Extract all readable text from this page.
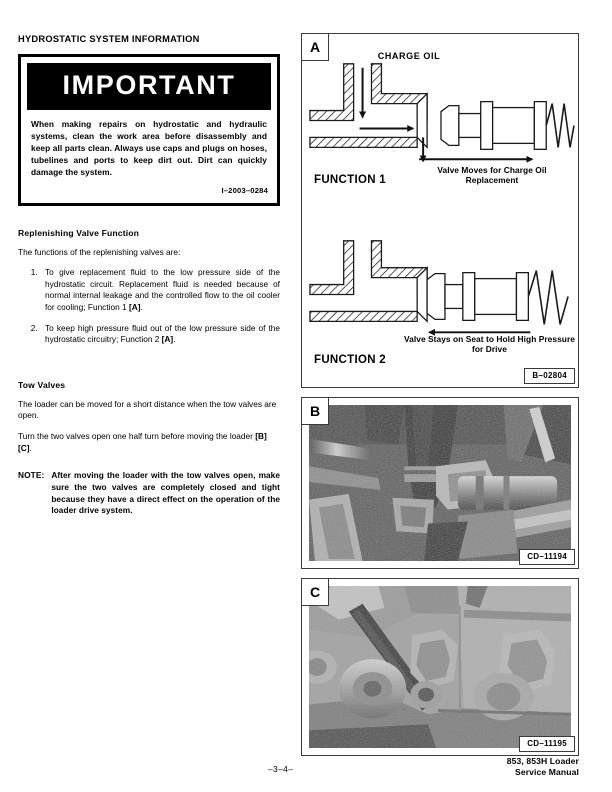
HYDROSTATIC SYSTEM INFORMATION
IMPORTANT
When making repairs on hydrostatic and hydraulic systems, clean the work area before disassembly and keep all parts clean. Always use caps and plugs on hoses, tubelines and ports to keep dirt out. Dirt can quickly damage the system.
I–2003–0284
Replenishing Valve Function
The functions of the replenishing valves are:
1. To give replacement fluid to the low pressure side of the hydrostatic circuit. Replacement fluid is needed because of normal internal leakage and the controlled flow to the oil cooler for cooling; Function 1 [A].
2. To keep high pressure fluid out of the low pressure side of the hydrostatic circuitry; Function 2 [A].
Tow Valves
The loader can be moved for a short distance when the tow valves are open.
Turn the two valves open one half turn before moving the loader [B] [C].
NOTE: After moving the loader with the tow valves open, make sure the two valves are completely closed and tight because they have a direct effect on the operation of the loader drive system.
CHARGE OIL
Valve Moves for Charge Oil Replacement
Valve Stays on Seat to Hold High Pressure for Drive
FUNCTION 1
FUNCTION 2
A
B–02804
B
CD–11194
C
CD–11195
–3–4–
853, 853H Loader
Service Manual
